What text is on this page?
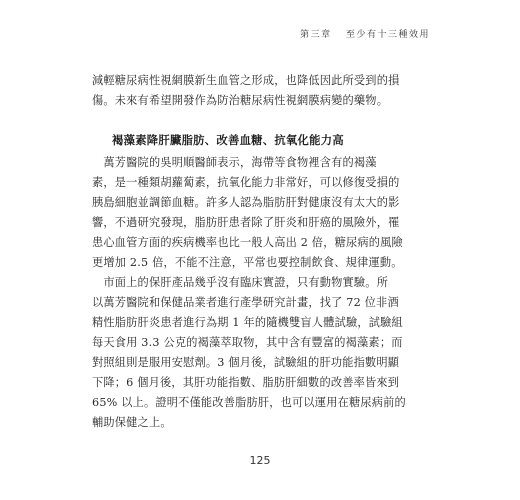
第三章 至少有十三種效用

減輕糖尿病性視網膜新生血管之形成，也降低因此所受到的損
傷。未來有希望開發作為防治糖尿病性視網膜病變的藥物。

褐藻素降肝臟脂肪、改善血糖、抗氧化能力高

　萬芳醫院的吳明順醫師表示，海帶等食物裡含有的褐藻
素，是一種類胡蘿蔔素，抗氧化能力非常好，可以修復受損的
胰島細胞並調節血糖。許多人認為脂肪肝對健康沒有太大的影
響，不過研究發現，脂肪肝患者除了肝炎和肝癌的風險外，罹
患心血管方面的疾病機率也比一般人高出 2 倍，糖尿病的風險
更增加 2.5 倍，不能不注意，平常也要控制飲食、規律運動。

　市面上的保肝產品幾乎沒有臨床實證，只有動物實驗。所
以萬芳醫院和保健品業者進行產學研究計畫，找了 72 位非酒
精性脂肪肝炎患者進行為期 1 年的隨機雙盲人體試驗，試驗組
每天食用 3.3 公克的褐藻萃取物，其中含有豐富的褐藻素；而
對照組則是服用安慰劑。3 個月後，試驗組的肝功能指數明顯
下降；6 個月後，其肝功能指數、脂肪肝細數的改善率皆來到
65% 以上。證明不僅能改善脂肪肝，也可以運用在糖尿病前的
輔助保健之上。

125
